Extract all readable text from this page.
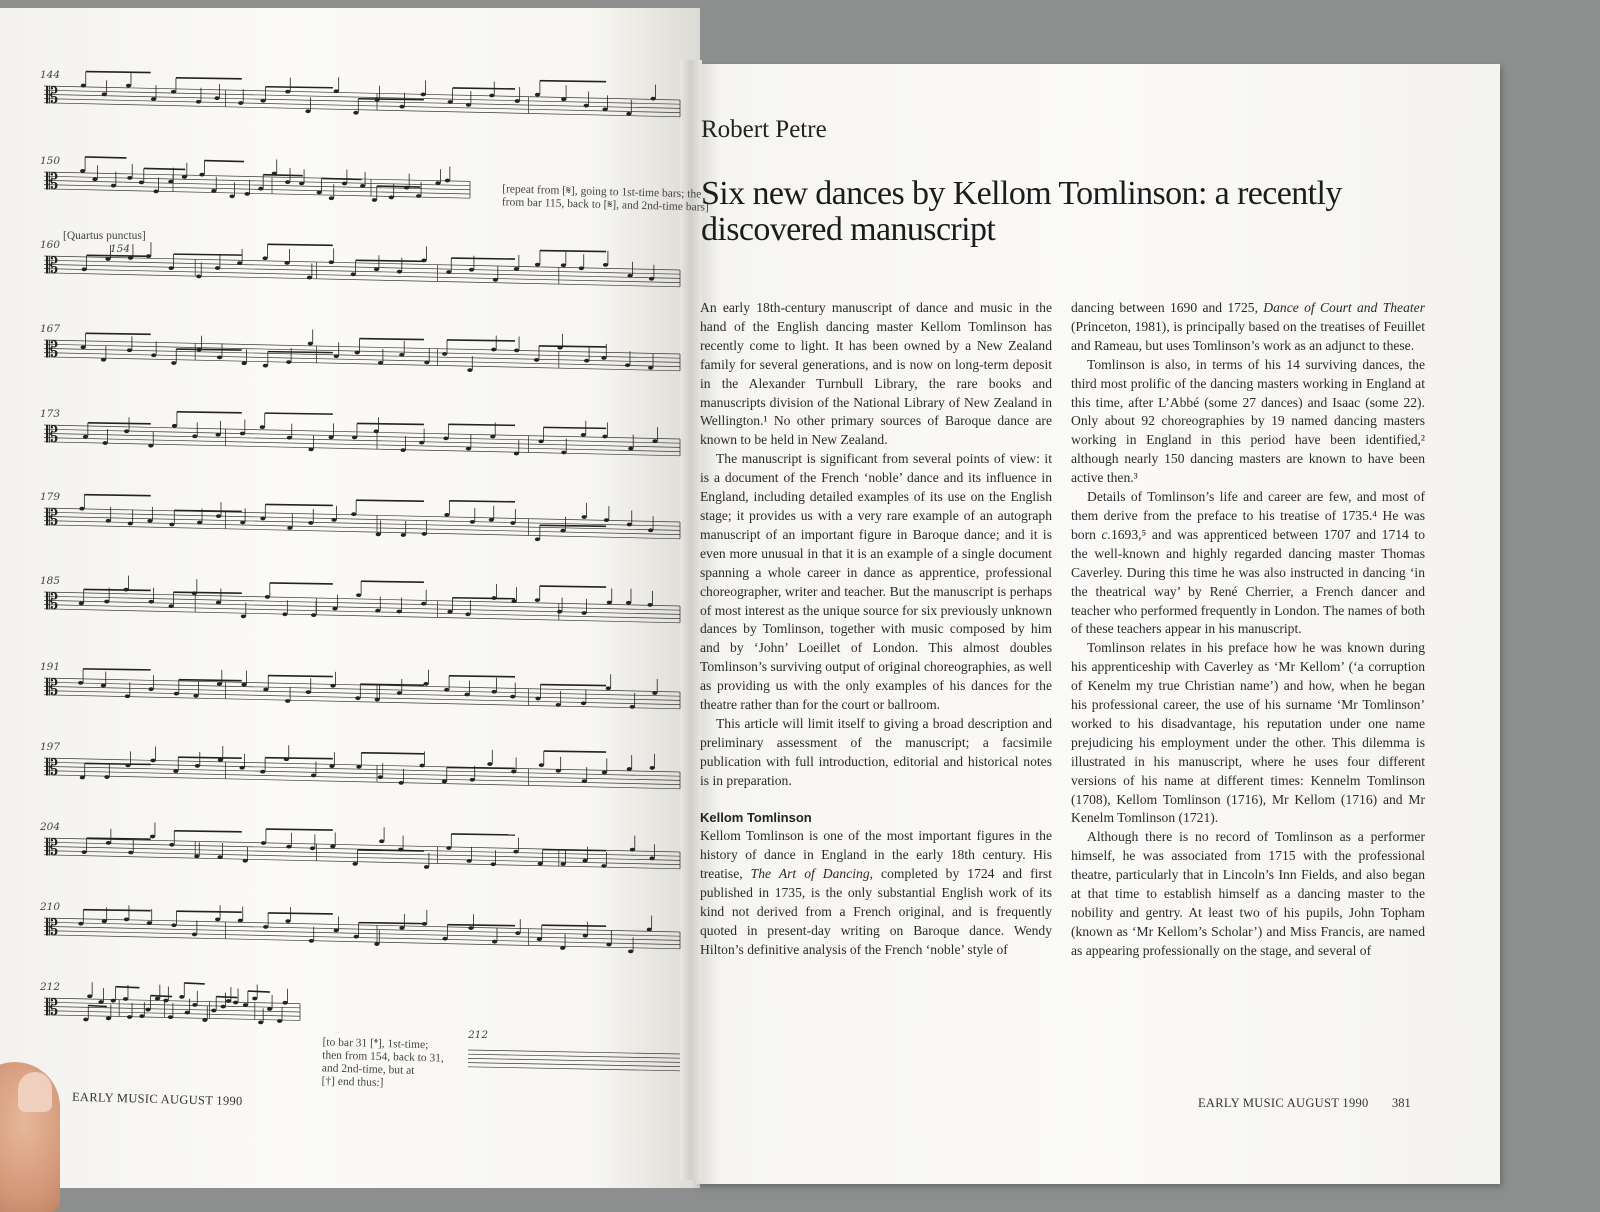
𝄡
𝄡
𝄡
𝄡
𝄡
𝄡
𝄡
𝄡
𝄡
𝄡
𝄡
𝄡
144
150
160
167
173
179
185
191
197
204
210
212
154
212
[Quartus punctus]
[repeat from [𝄋], going to 1st-time bars; the
from bar 115, back to [𝄋], and 2nd-time bars]
[to bar 31 [𝄌], 1st-time;
then from 154, back to 31,
and 2nd-time, but at
[†] end thus:]
EARLY MUSIC AUGUST 1990
Robert Petre
Six new dances by Kellom Tomlinson: a recently discovered manuscript

An early 18th-century manuscript of dance and music in the hand of the English dancing master Kellom Tomlinson has recently come to light. It has been owned by a New Zealand family for several generations, and is now on long-term deposit in the Alexander Turnbull Library, the rare books and manuscripts division of the National Library of New Zealand in Wellington.¹ No other primary sources of Baroque dance are known to be held in New Zealand.

The manuscript is significant from several points of view: it is a document of the French ‘noble’ dance and its influence in England, including detailed examples of its use on the English stage; it provides us with a very rare example of an autograph manuscript of an important figure in Baroque dance; and it is even more unusual in that it is an example of a single document spanning a whole career in dance as apprentice, professional choreographer, writer and teacher. But the manuscript is perhaps of most interest as the unique source for six previously unknown dances by Tomlinson, together with music composed by him and by ‘John’ Loeillet of London. This almost doubles Tomlinson’s surviving output of original choreographies, as well as providing us with the only examples of his dances for the theatre rather than for the court or ballroom.

This article will limit itself to giving a broad description and preliminary assessment of the manuscript; a facsimile publication with full introduction, editorial and historical notes is in preparation.

Kellom Tomlinson

Kellom Tomlinson is one of the most important figures in the history of dance in England in the early 18th century. His treatise, The Art of Dancing, completed by 1724 and first published in 1735, is the only substantial English work of its kind not derived from a French original, and is frequently quoted in present-day writing on Baroque dance. Wendy Hilton’s definitive analysis of the French ‘noble’ style of

dancing between 1690 and 1725, Dance of Court and Theater (Princeton, 1981), is principally based on the treatises of Feuillet and Rameau, but uses Tomlinson’s work as an adjunct to these.

Tomlinson is also, in terms of his 14 surviving dances, the third most prolific of the dancing masters working in England at this time, after L’Abbé (some 27 dances) and Isaac (some 22). Only about 92 choreographies by 19 named dancing masters working in England in this period have been identified,² although nearly 150 dancing masters are known to have been active then.³

Details of Tomlinson’s life and career are few, and most of them derive from the preface to his treatise of 1735.⁴ He was born c.1693,⁵ and was apprenticed between 1707 and 1714 to the well-known and highly regarded dancing master Thomas Caverley. During this time he was also instructed in dancing ‘in the theatrical way’ by René Cherrier, a French dancer and teacher who performed frequently in London. The names of both of these teachers appear in his manuscript.

Tomlinson relates in his preface how he was known during his apprenticeship with Caverley as ‘Mr Kellom’ (‘a corruption of Kenelm my true Christian name’) and how, when he began his professional career, the use of his surname ‘Mr Tomlinson’ worked to his disadvantage, his reputation under one name prejudicing his employment under the other. This dilemma is illustrated in his manuscript, where he uses four different versions of his name at different times: Kennelm Tomlinson (1708), Kellom Tomlinson (1716), Mr Kellom (1716) and Mr Kenelm Tomlinson (1721).

Although there is no record of Tomlinson as a performer himself, he was associated from 1715 with the professional theatre, particularly that in Lincoln’s Inn Fields, and also began at that time to establish himself as a dancing master to the nobility and gentry. At least two of his pupils, John Topham (known as ‘Mr Kellom’s Scholar’) and Miss Francis, are named as appearing professionally on the stage, and several of

EARLY MUSIC AUGUST 1990 381
